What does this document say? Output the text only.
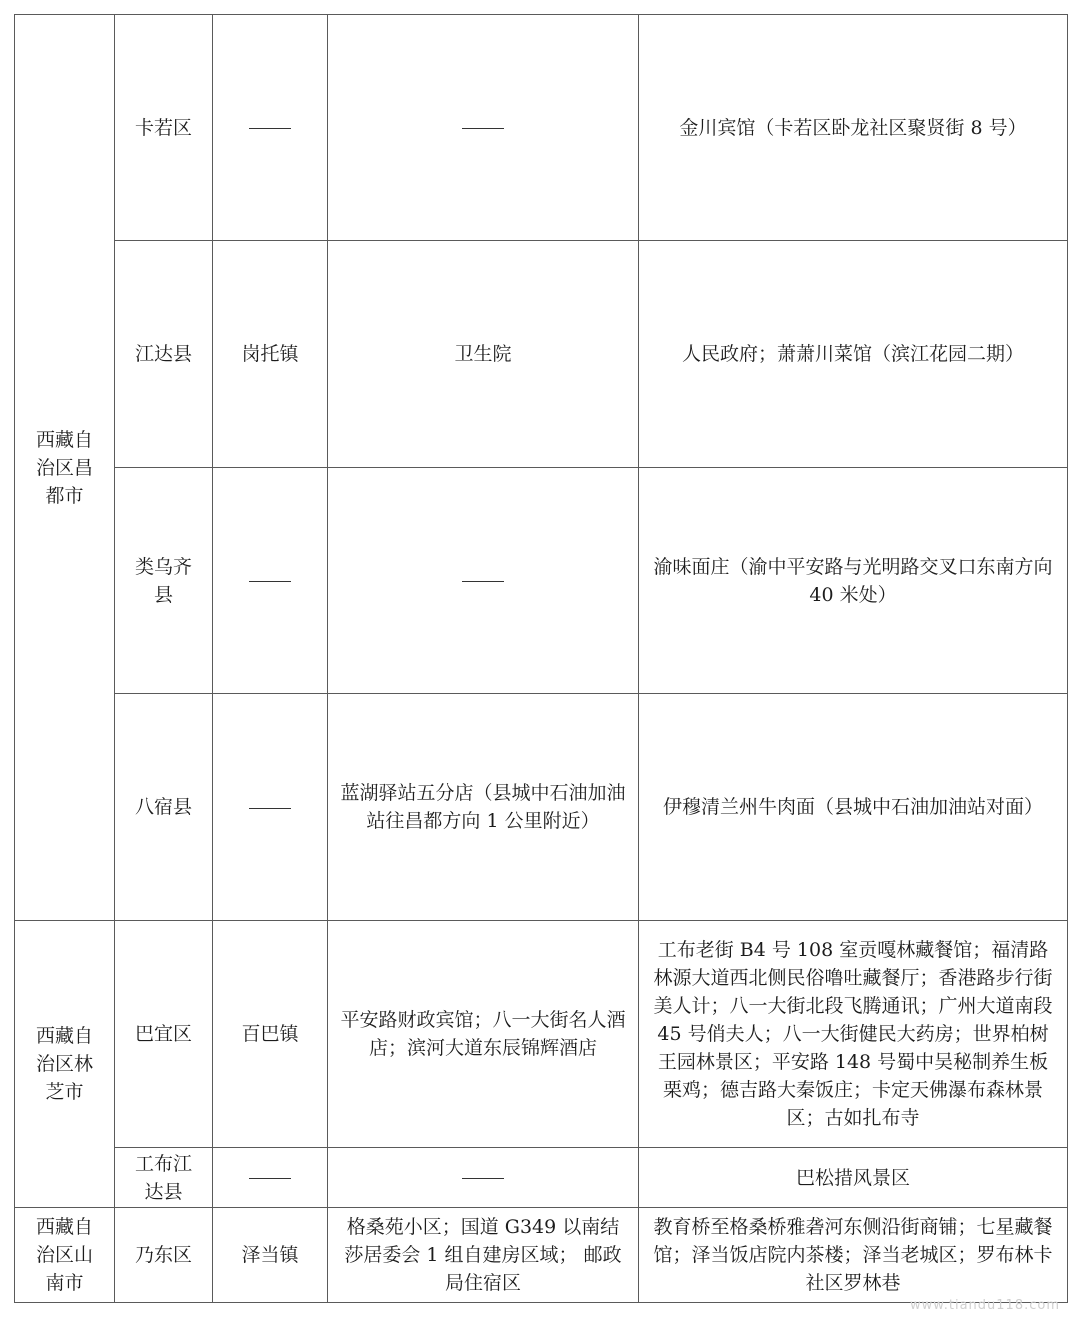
西藏自治区昌都市	卡若区			金川宾馆（卡若区卧龙社区聚贤街 8 号）
	江达县	岗托镇	卫生院	人民政府；萧萧川菜馆（滨江花园二期）
	类乌齐县			渝味面庄（渝中平安路与光明路交叉口东南方向 40 米处）
	八宿县		蓝湖驿站五分店（县城中石油加油站往昌都方向 1 公里附近）	伊穆清兰州牛肉面（县城中石油加油站对面）
西藏自治区林芝市	巴宜区	百巴镇	平安路财政宾馆；八一大街名人酒店；滨河大道东辰锦辉酒店	工布老街 B4 号 108 室贡嘎林藏餐馆；福清路林源大道西北侧民俗噜吐藏餐厅；香港路步行街美人计；八一大街北段飞腾通讯；广州大道南段 45 号俏夫人；八一大街健民大药房；世界柏树王园林景区；平安路 148 号蜀中吴秘制养生板栗鸡；德吉路大秦饭庄；卡定天佛瀑布森林景区；古如扎布寺
	工布江达县			巴松措风景区
西藏自治区山南市	乃东区	泽当镇	格桑苑小区；国道 G349 以南结莎居委会 1 组自建房区域； 邮政局住宿区	教育桥至格桑桥雅砻河东侧沿街商铺；七星藏餐馆；泽当饭店院内茶楼；泽当老城区；罗布林卡社区罗林巷
www.tiandu118.com
